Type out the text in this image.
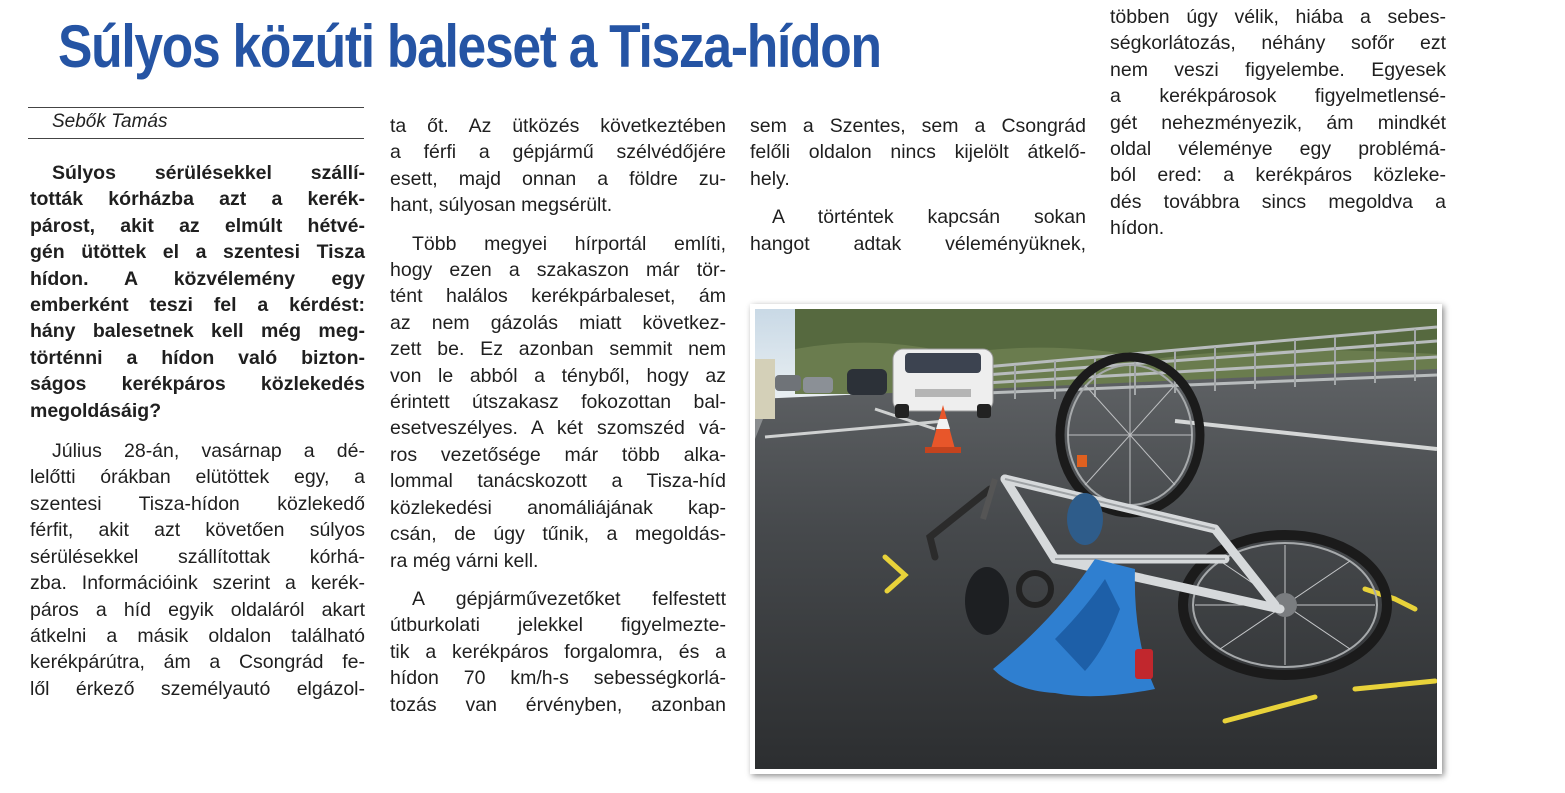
Súlyos közúti baleset a Tisza-hídon
Sebők Tamás

Súlyos sérülésekkel szállí-

tották kórházba azt a kerék-

párost, akit az elmúlt hétvé-

gén ütöttek el a szentesi Tisza

hídon. A közvélemény egy

emberként teszi fel a kérdést:

hány balesetnek kell még meg-

történni a hídon való bizton-

ságos kerékpáros közlekedés

megoldásáig?

Július 28-án, vasárnap a dé-

lelőtti órákban elütöttek egy, a

szentesi Tisza-hídon közlekedő

férfit, akit azt követően súlyos

sérülésekkel szállítottak kórhá-

zba. Információink szerint a kerék-

páros a híd egyik oldaláról akart

átkelni a másik oldalon található

kerékpárútra, ám a Csongrád fe-

lől érkező személyautó elgázol-

ta őt. Az ütközés következtében

a férfi a gépjármű szélvédőjére

esett, majd onnan a földre zu-

hant, súlyosan megsérült.

Több megyei hírportál említi,

hogy ezen a szakaszon már tör-

tént halálos kerékpárbaleset, ám

az nem gázolás miatt következ-

zett be. Ez azonban semmit nem

von le abból a tényből, hogy az

érintett útszakasz fokozottan bal-

esetveszélyes. A két szomszéd vá-

ros vezetősége már több alka-

lommal tanácskozott a Tisza-híd

közlekedési anomáliájának kap-

csán, de úgy tűnik, a megoldás-

ra még várni kell.

A gépjárművezetőket felfestett

útburkolati jelekkel figyelmezte-

tik a kerékpáros forgalomra, és a

hídon 70 km/h-s sebességkorlá-

tozás van érvényben, azonban

sem a Szentes, sem a Csongrád

felőli oldalon nincs kijelölt átkelő-

hely.

A történtek kapcsán sokan

hangot adtak véleményüknek,

többen úgy vélik, hiába a sebes-

ségkorlátozás, néhány sofőr ezt

nem veszi figyelembe. Egyesek

a kerékpárosok figyelmetlensé-

gét nehezményezik, ám mindkét

oldal véleménye egy problémá-

ból ered: a kerékpáros közleke-

dés továbbra sincs megoldva a

hídon.
